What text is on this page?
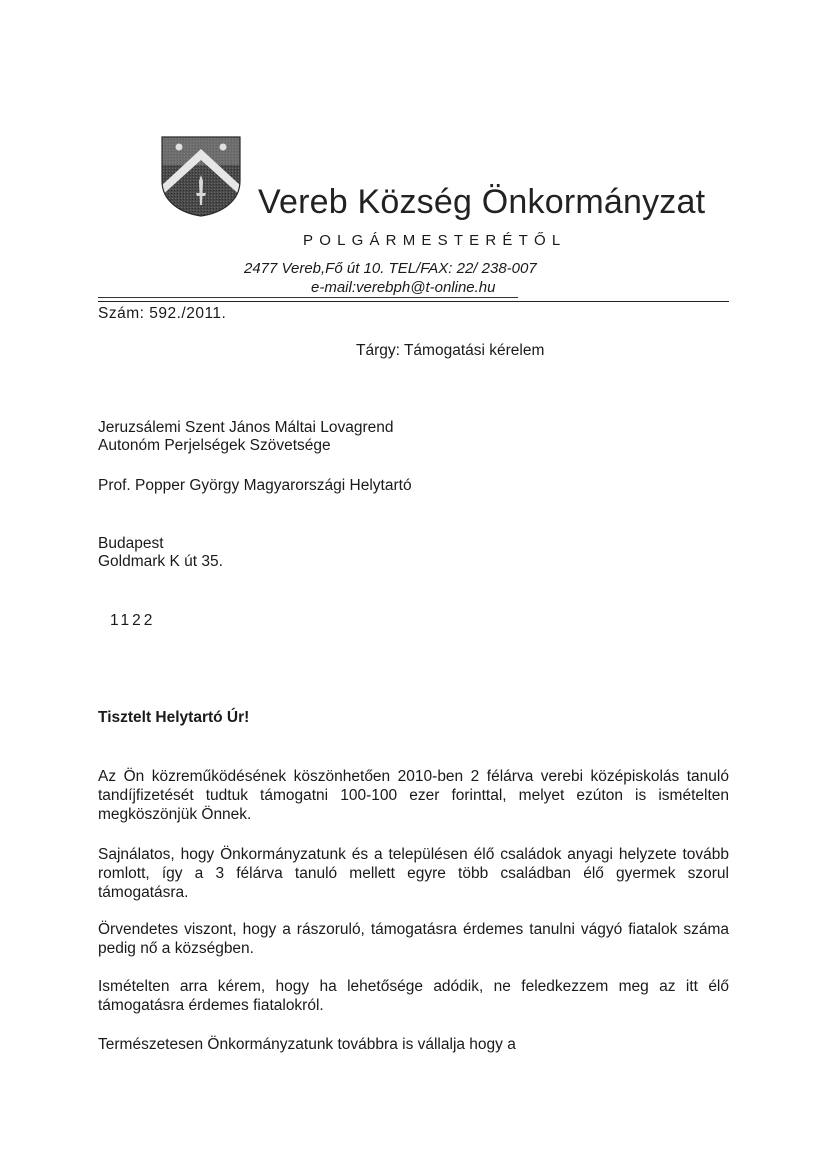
Vereb Község Önkormányzat
POLGÁRMESTERÉTŐL
2477 Vereb,Fő út 10. TEL/FAX: 22/ 238-007
e-mail:verebph@t-online.hu
Szám: 592./2011.
Tárgy: Támogatási kérelem
Jeruzsálemi Szent János Máltai Lovagrend
Autonóm Perjelségek Szövetsége
Prof. Popper György Magyarországi Helytartó
Budapest
Goldmark K út 35.
1122
Tisztelt Helytartó Úr!
Az Ön közreműködésének köszönhetően 2010-ben 2 félárva verebi középiskolás tanuló tandíjfizetését tudtuk támogatni 100-100 ezer forinttal, melyet ezúton is ismételten megköszönjük Önnek.
Sajnálatos, hogy Önkormányzatunk és a településen élő családok anyagi helyzete tovább romlott, így a 3 félárva tanuló mellett egyre több családban élő gyermek szorul támogatásra.
Örvendetes viszont, hogy a rászoruló, támogatásra érdemes tanulni vágyó fiatalok száma pedig nő a községben.
Ismételten arra kérem, hogy ha lehetősége adódik, ne feledkezzem meg az itt élő támogatásra érdemes fiatalokról.
Természetesen Önkormányzatunk továbbra is vállalja hogy a
